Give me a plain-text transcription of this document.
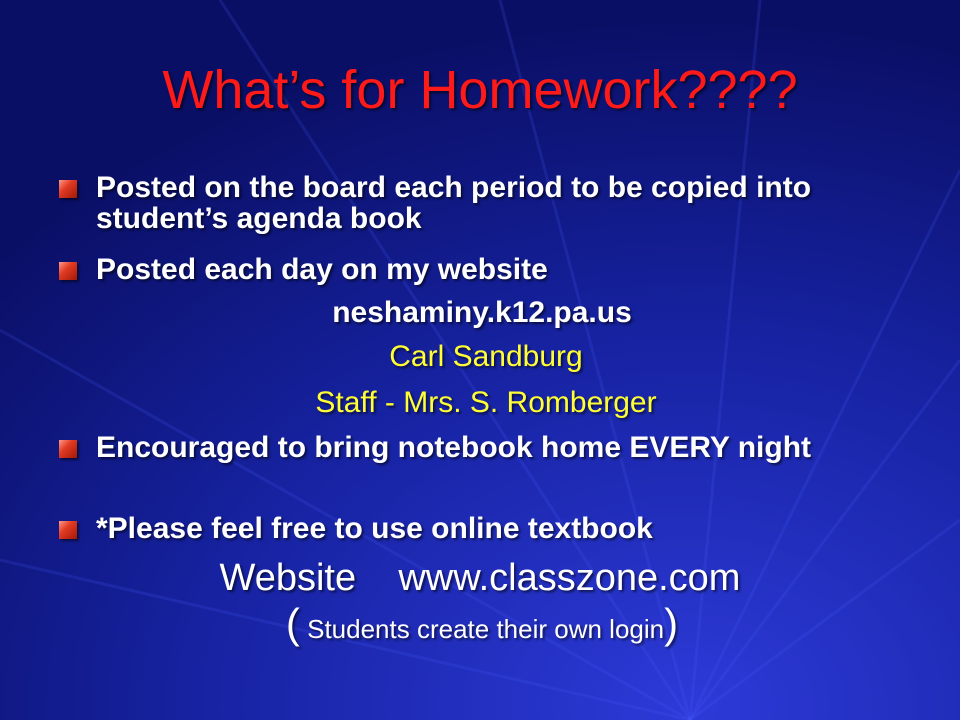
What’s for Homework????
Posted on the board each period to be copied into student’s agenda book
Posted each day on my website
neshaminy.k12.pa.us
Carl Sandburg
Staff - Mrs. S. Romberger
Encouraged to bring notebook home EVERY night
*Please feel free to use online textbook
Website    www.classzone.com
( Students create their own login)
